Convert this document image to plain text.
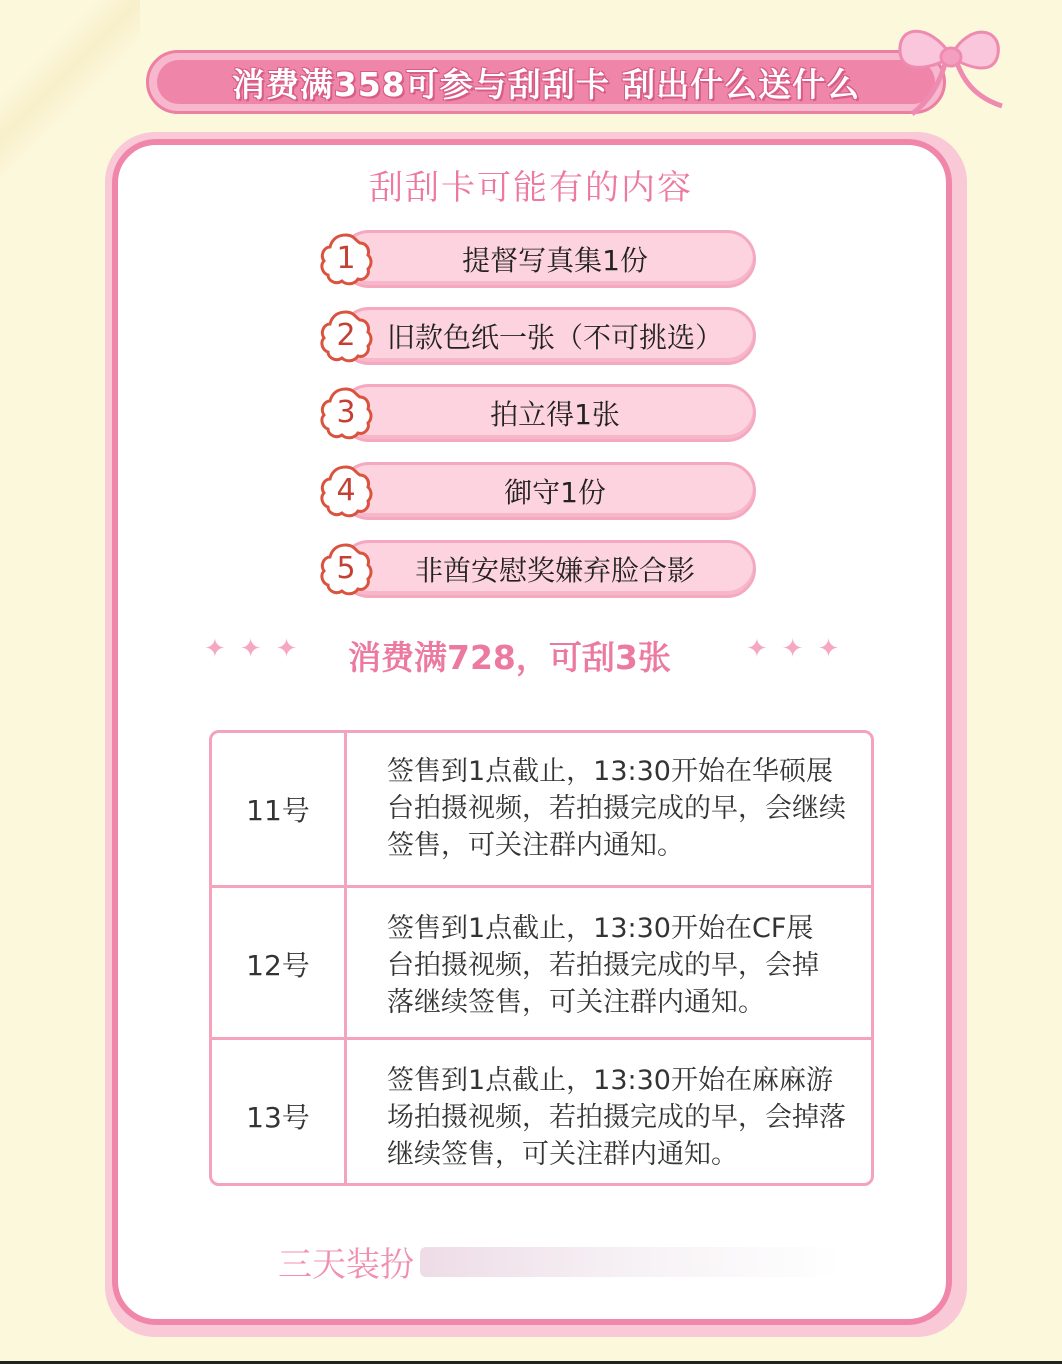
消费满358可参与刮刮卡 刮出什么送什么
刮刮卡可能有的内容
提督写真集1份
1
旧款色纸一张（不可挑选）
2
拍立得1张
3
御守1份
4
非酋安慰奖嫌弃脸合影
5
✦✦✦ 消费满728，可刮3张	✦✦✦
11号
签售到1点截止，13:30开始在华硕展
台拍摄视频，若拍摄完成的早，会继续
签售，可关注群内通知。
12号
签售到1点截止，13:30开始在CF展
台拍摄视频，若拍摄完成的早，会掉
落继续签售，可关注群内通知。
13号
签售到1点截止，13:30开始在麻麻游
场拍摄视频，若拍摄完成的早，会掉落
继续签售，可关注群内通知。
三天装扮
